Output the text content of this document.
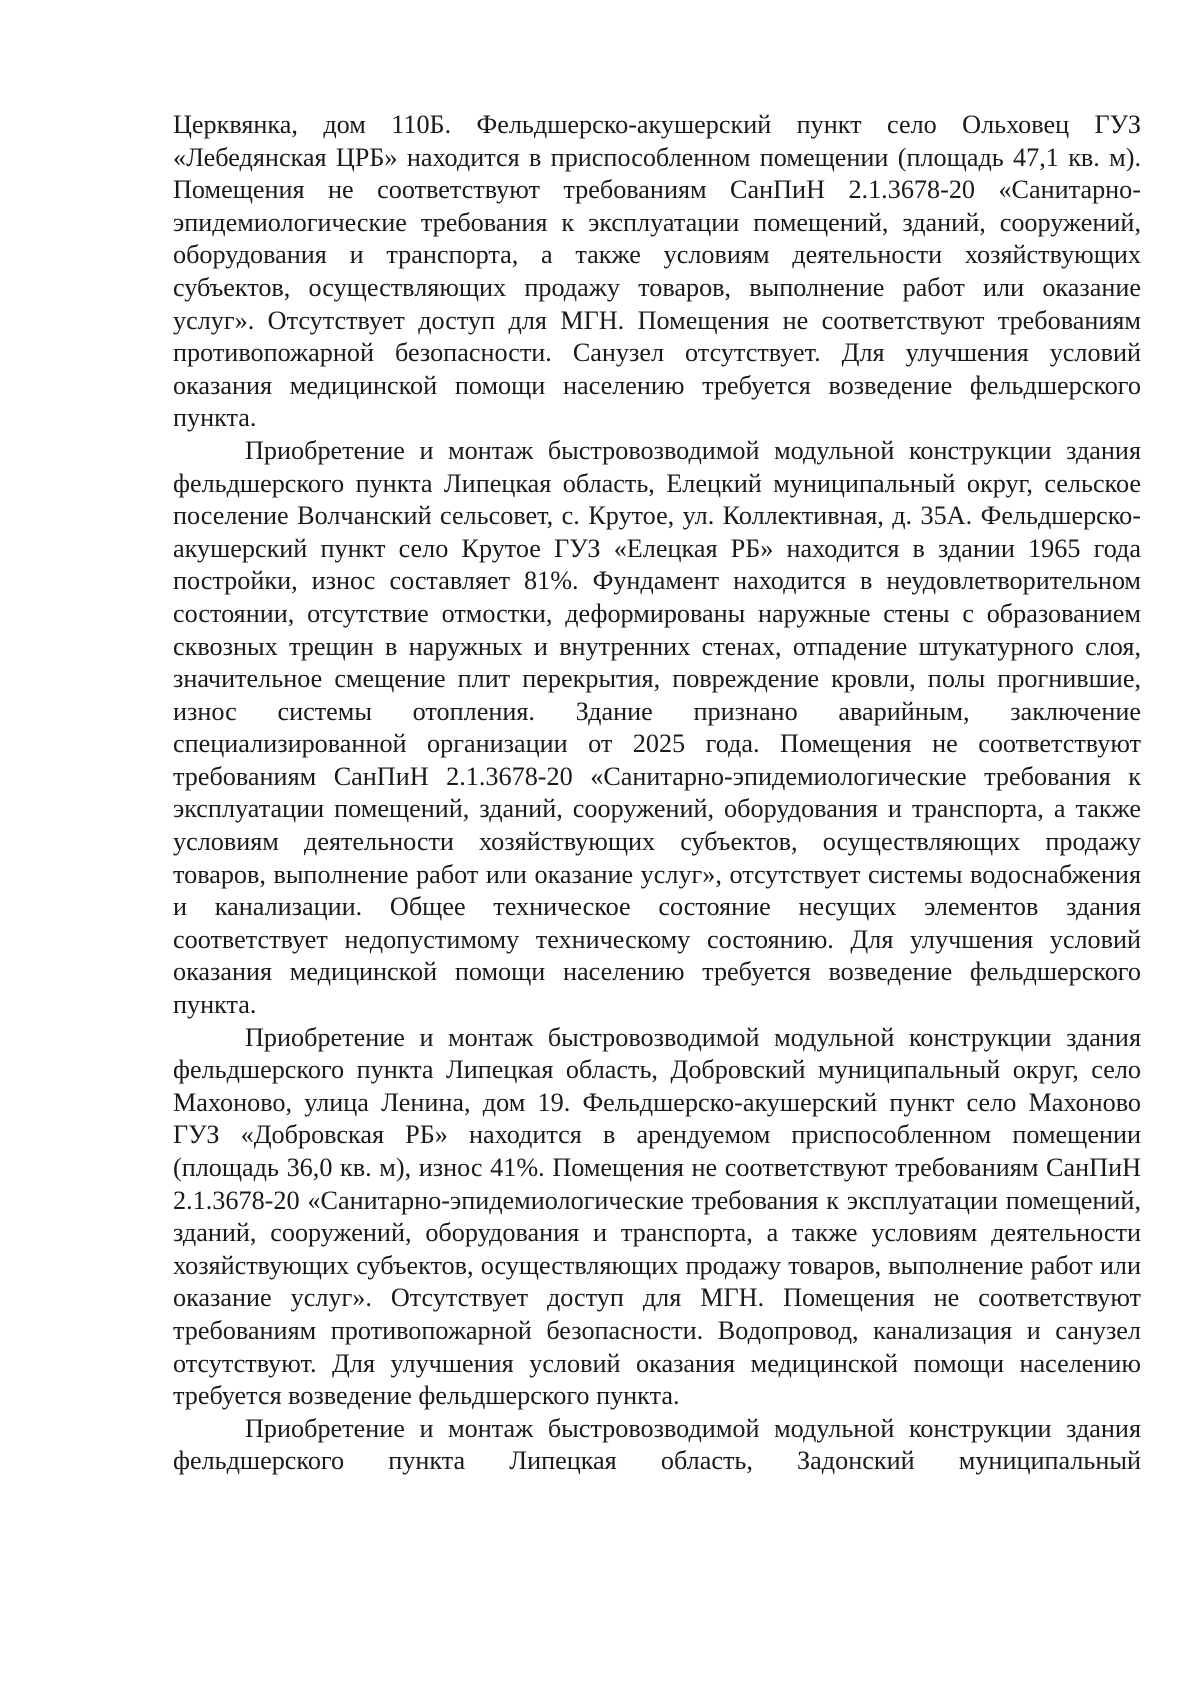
Церквянка, дом 110Б. Фельдшерско-акушерский пункт село Ольховец ГУЗ «Лебедянская ЦРБ» находится в приспособленном помещении (площадь 47,1 кв. м). Помещения не соответствуют требованиям СанПиН 2.1.3678-20 «Санитарно-эпидемиологические требования к эксплуатации помещений, зданий, сооружений, оборудования и транспорта, а также условиям деятельности хозяйствующих субъектов, осуществляющих продажу товаров, выполнение работ или оказание услуг». Отсутствует доступ для МГН. Помещения не соответствуют требованиям противопожарной безопасности. Санузел отсутствует. Для улучшения условий оказания медицинской помощи населению требуется возведение фельдшерского пункта.

Приобретение и монтаж быстровозводимой модульной конструкции здания фельдшерского пункта Липецкая область, Елецкий муниципальный округ, сельское поселение Волчанский сельсовет, с. Крутое, ул. Коллективная, д. 35А. Фельдшерско-акушерский пункт село Крутое ГУЗ «Елецкая РБ» находится в здании 1965 года постройки, износ составляет 81%. Фундамент находится в неудовлетворительном состоянии, отсутствие отмостки, деформированы наружные стены с образованием сквозных трещин в наружных и внутренних стенах, отпадение штукатурного слоя, значительное смещение плит перекрытия, повреждение кровли, полы прогнившие, износ системы отопления. Здание признано аварийным, заключение специализированной организации от 2025 года. Помещения не соответствуют требованиям СанПиН 2.1.3678-20 «Санитарно-эпидемиологические требования к эксплуатации помещений, зданий, сооружений, оборудования и транспорта, а также условиям деятельности хозяйствующих субъектов, осуществляющих продажу товаров, выполнение работ или оказание услуг», отсутствует системы водоснабжения и канализации. Общее техническое состояние несущих элементов здания соответствует недопустимому техническому состоянию. Для улучшения условий оказания медицинской помощи населению требуется возведение фельдшерского пункта.

Приобретение и монтаж быстровозводимой модульной конструкции здания фельдшерского пункта Липецкая область, Добровский муниципальный округ, село Махоново, улица Ленина, дом 19. Фельдшерско-акушерский пункт село Махоново ГУЗ «Добровская РБ» находится в арендуемом приспособленном помещении (площадь 36,0 кв. м), износ 41%. Помещения не соответствуют требованиям СанПиН 2.1.3678-20 «Санитарно-эпидемиологические требования к эксплуатации помещений, зданий, сооружений, оборудования и транспорта, а также условиям деятельности хозяйствующих субъектов, осуществляющих продажу товаров, выполнение работ или оказание услуг». Отсутствует доступ для МГН. Помещения не соответствуют требованиям противопожарной безопасности. Водопровод, канализация и санузел отсутствуют. Для улучшения условий оказания медицинской помощи населению требуется возведение фельдшерского пункта.

Приобретение и монтаж быстровозводимой модульной конструкции здания фельдшерского пункта Липецкая область, Задонский муниципальный
